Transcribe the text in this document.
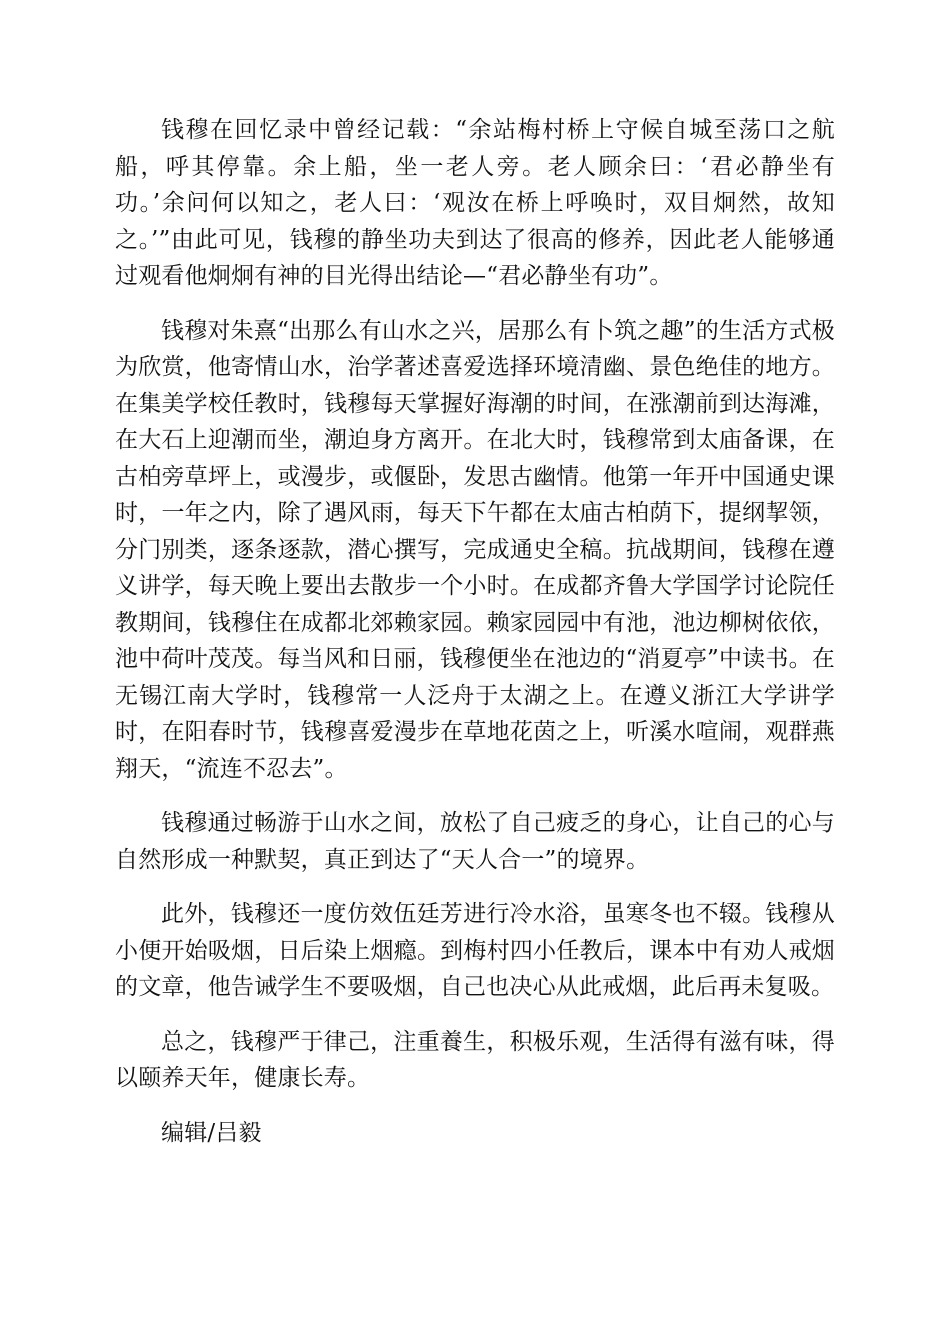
钱穆在回忆录中曾经记载：“余站梅村桥上守候自城至荡口之航船，呼其停靠。余上船，坐一老人旁。老人顾余曰：‘君必静坐有功。’余问何以知之，老人曰：‘观汝在桥上呼唤时，双目炯然，故知之。’”由此可见，钱穆的静坐功夫到达了很高的修养，因此老人能够通过观看他炯炯有神的目光得出结论—“君必静坐有功”。

钱穆对朱熹“出那么有山水之兴，居那么有卜筑之趣”的生活方式极为欣赏，他寄情山水，治学著述喜爱选择环境清幽、景色绝佳的地方。在集美学校任教时，钱穆每天掌握好海潮的时间，在涨潮前到达海滩，在大石上迎潮而坐，潮迫身方离开。在北大时，钱穆常到太庙备课，在古柏旁草坪上，或漫步，或偃卧，发思古幽情。他第一年开中国通史课时，一年之内，除了遇风雨，每天下午都在太庙古柏荫下，提纲挈领，分门别类，逐条逐款，潜心撰写，完成通史全稿。抗战期间，钱穆在遵义讲学，每天晚上要出去散步一个小时。在成都齐鲁大学国学讨论院任教期间，钱穆住在成都北郊赖家园。赖家园园中有池，池边柳树依依，池中荷叶茂茂。每当风和日丽，钱穆便坐在池边的“消夏亭”中读书。在无锡江南大学时，钱穆常一人泛舟于太湖之上。在遵义浙江大学讲学时，在阳春时节，钱穆喜爱漫步在草地花茵之上，听溪水喧闹，观群燕翔天，“流连不忍去”。

钱穆通过畅游于山水之间，放松了自己疲乏的身心，让自己的心与自然形成一种默契，真正到达了“天人合一”的境界。

此外，钱穆还一度仿效伍廷芳进行冷水浴，虽寒冬也不辍。钱穆从小便开始吸烟，日后染上烟瘾。到梅村四小任教后，课本中有劝人戒烟的文章，他告诫学生不要吸烟，自己也决心从此戒烟，此后再未复吸。

总之，钱穆严于律己，注重養生，积极乐观，生活得有滋有味，得以颐养天年，健康长寿。

编辑/吕毅
